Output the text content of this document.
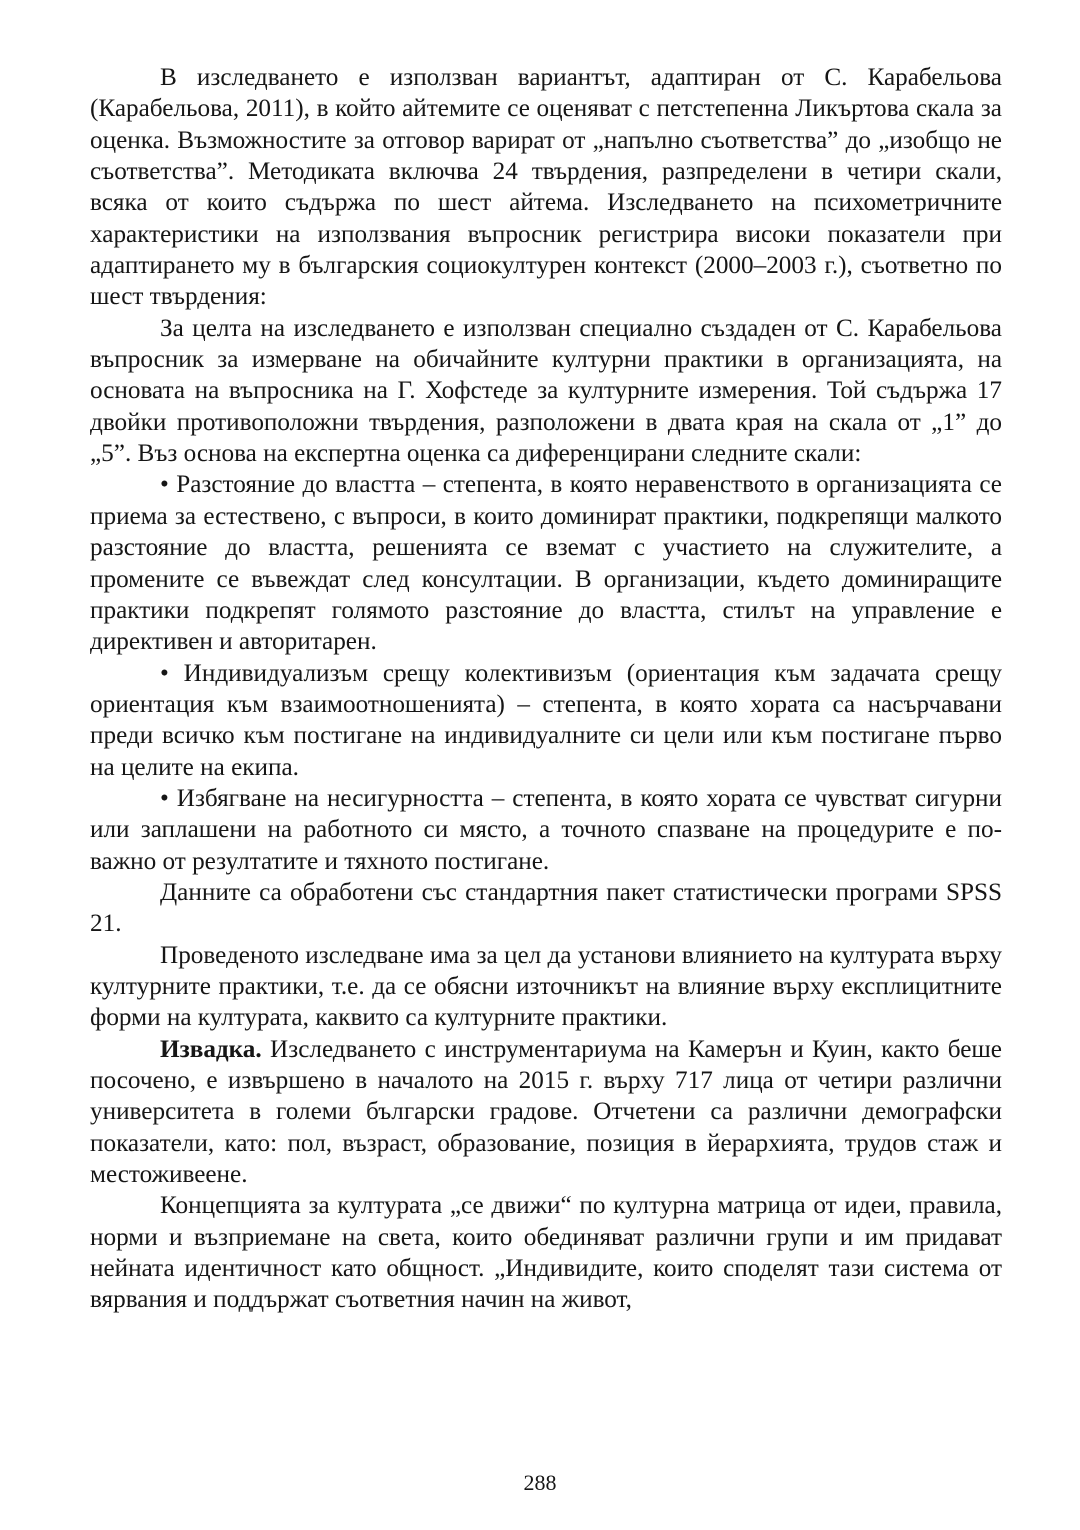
В изследването е използван вариантът, адаптиран от С. Карабельова (Карабельова, 2011), в който айтемите се оценяват с петстепенна Ликъртова скала за оценка. Възможностите за отговор варират от „напълно съответства” до „изобщо не съответства”. Методиката включва 24 твърдения, разпределени в четири скали, всяка от които съдържа по шест айтема. Изследването на психометричните характеристики на използвания въпросник регистрира високи показатели при адаптирането му в българския социокултурен контекст (2000–2003 г.), съответно по шест твърдения:

За целта на изследването е използван специално създаден от С. Карабельова въпросник за измерване на обичайните културни практики в организацията, на основата на въпросника на Г. Хофстеде за културните измерения. Той съдържа 17 двойки противоположни твърдения, разположени в двата края на скала от „1” до „5”. Въз основа на експертна оценка са диференцирани следните скали:

• Разстояние до властта – степента, в която неравенството в организацията се приема за естествено, с въпроси, в които доминират практики, подкрепящи малкото разстояние до властта, решенията се вземат с участието на служителите, а промените се въвеждат след консултации. В организации, където доминиращите практики подкрепят голямото разстояние до властта, стилът на управление е директивен и авторитарен.

• Индивидуализъм срещу колективизъм (ориентация към задачата срещу ориентация към взаимоотношенията) – степента, в която хората са насърчавани преди всичко към постигане на индивидуалните си цели или към постигане първо на целите на екипа.

• Избягване на несигурността – степента, в която хората се чувстват сигурни или заплашени на работното си място, а точното спазване на процедурите е по-важно от резултатите и тяхното постигане.

Данните са обработени със стандартния пакет статистически програми SPSS 21.

Проведеното изследване има за цел да установи влиянието на културата върху културните практики, т.е. да се обясни източникът на влияние върху експлицитните форми на културата, каквито са културните практики.

Извадка. Изследването с инструментариума на Камерън и Куин, както беше посочено, е извършено в началото на 2015 г. върху 717 лица от четири различни университета в големи български градове. Отчетени са различни демографски показатели, като: пол, възраст, образование, позиция в йерархията, трудов стаж и местоживеене.

Концепцията за културата „се движи“ по културна матрица от идеи, правила, норми и възприемане на света, които обединяват различни групи и им придават нейната идентичност като общност. „Индивидите, които споделят тази система от вярвания и поддържат съответния начин на живот,

288
